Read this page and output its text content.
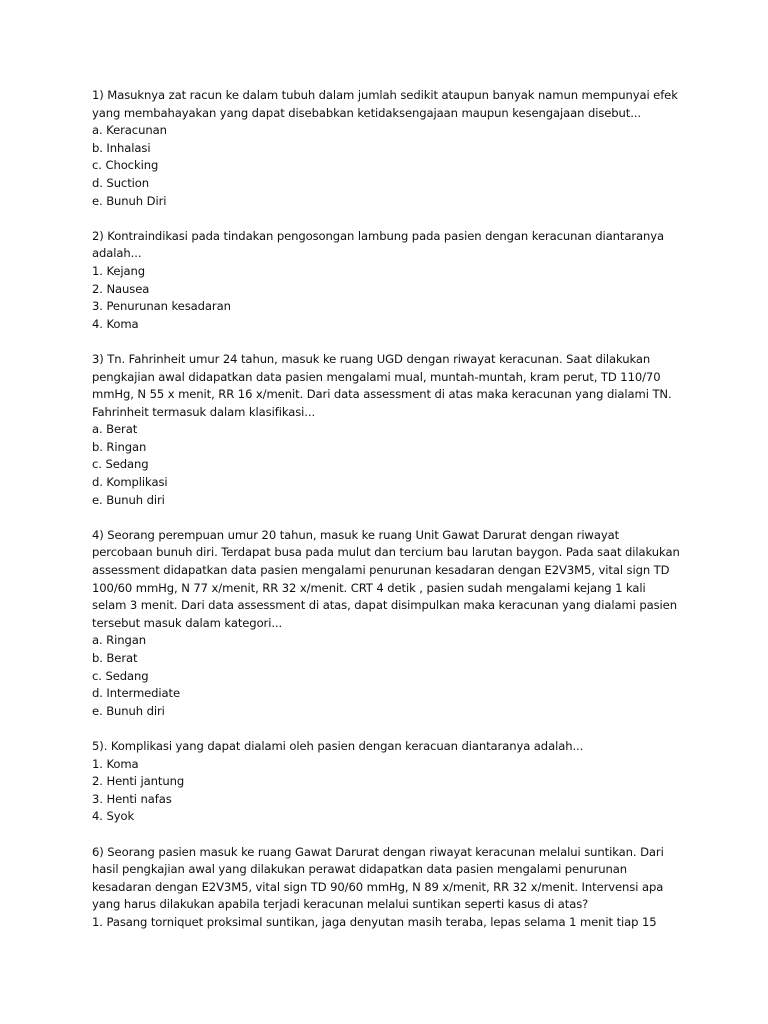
1) Masuknya zat racun ke dalam tubuh dalam jumlah sedikit ataupun banyak namun mempunyai efek yang membahayakan yang dapat disebabkan ketidaksengajaan maupun kesengajaan disebut...

a. Keracunan
b. Inhalasi
c. Chocking
d. Suction
e. Bunuh Diri

2) Kontraindikasi pada tindakan pengosongan lambung pada pasien dengan keracunan diantaranya adalah...

1. Kejang
2. Nausea
3. Penurunan kesadaran
4. Koma

3) Tn. Fahrinheit umur 24 tahun, masuk ke ruang UGD dengan riwayat keracunan. Saat dilakukan pengkajian awal didapatkan data pasien mengalami mual, muntah-muntah, kram perut, TD 110/70 mmHg, N 55 x menit, RR 16 x/menit. Dari data assessment di atas maka keracunan yang dialami TN. Fahrinheit termasuk dalam klasifikasi...

a. Berat
b. Ringan
c. Sedang
d. Komplikasi
e. Bunuh diri

4) Seorang perempuan umur 20 tahun, masuk ke ruang Unit Gawat Darurat dengan riwayat percobaan bunuh diri. Terdapat busa pada mulut dan tercium bau larutan baygon. Pada saat dilakukan assessment didapatkan data pasien mengalami penurunan kesadaran dengan E2V3M5, vital sign TD 100/60 mmHg, N 77 x/menit, RR 32 x/menit. CRT 4 detik , pasien sudah mengalami kejang 1 kali selam 3 menit. Dari data assessment di atas, dapat disimpulkan maka keracunan yang dialami pasien tersebut masuk dalam kategori...

a. Ringan
b. Berat
c. Sedang
d. Intermediate
e. Bunuh diri

5). Komplikasi yang dapat dialami oleh pasien dengan keracuan diantaranya adalah...

1. Koma
2. Henti jantung
3. Henti nafas
4. Syok

6) Seorang pasien masuk ke ruang Gawat Darurat dengan riwayat keracunan melalui suntikan. Dari hasil pengkajian awal yang dilakukan perawat didapatkan data pasien mengalami penurunan kesadaran dengan E2V3M5, vital sign TD 90/60 mmHg, N 89 x/menit, RR 32 x/menit. Intervensi apa yang harus dilakukan apabila terjadi keracunan melalui suntikan seperti kasus di atas?

1. Pasang torniquet proksimal suntikan, jaga denyutan masih teraba, lepas selama 1 menit tiap 15
